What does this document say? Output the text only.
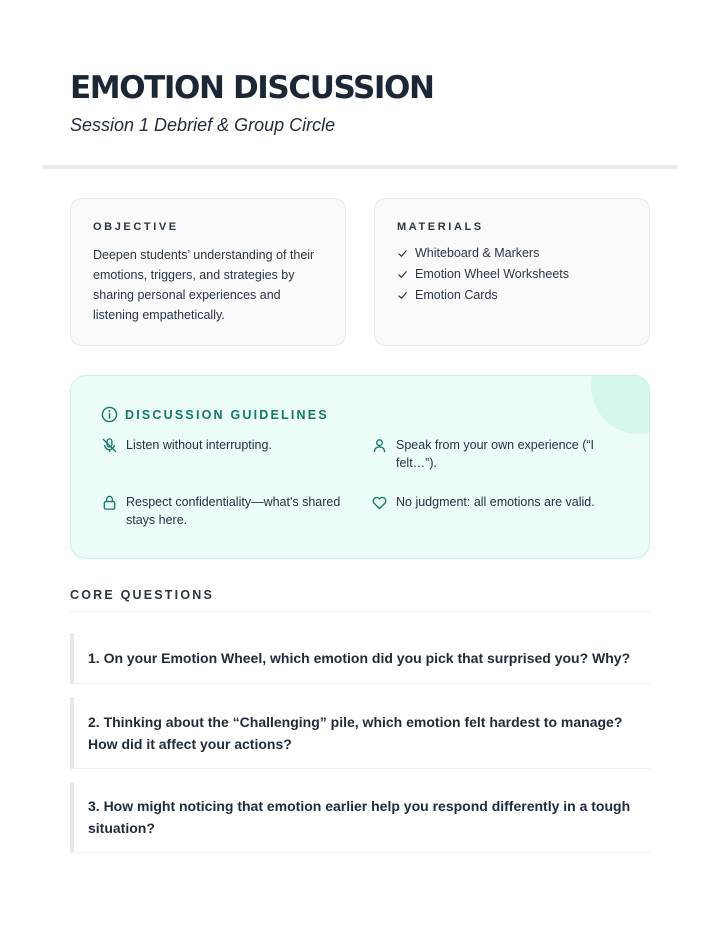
EMOTION DISCUSSION
Session 1 Debrief & Group Circle
OBJECTIVE
Deepen students’ understanding of their emotions, triggers, and strategies by sharing personal experiences and listening empathetically.
MATERIALS
Whiteboard & Markers
Emotion Wheel Worksheets
Emotion Cards
DISCUSSION GUIDELINES
Listen without interrupting.	Speak from your own experience (“I felt…”).
Respect confidentiality—what's shared stays here.
No judgment: all emotions are valid.
CORE QUESTIONS
1. On your Emotion Wheel, which emotion did you pick that surprised you? Why?
2. Thinking about the “Challenging” pile, which emotion felt hardest to manage? How did it affect your actions?
3. How might noticing that emotion earlier help you respond differently in a tough situation?
